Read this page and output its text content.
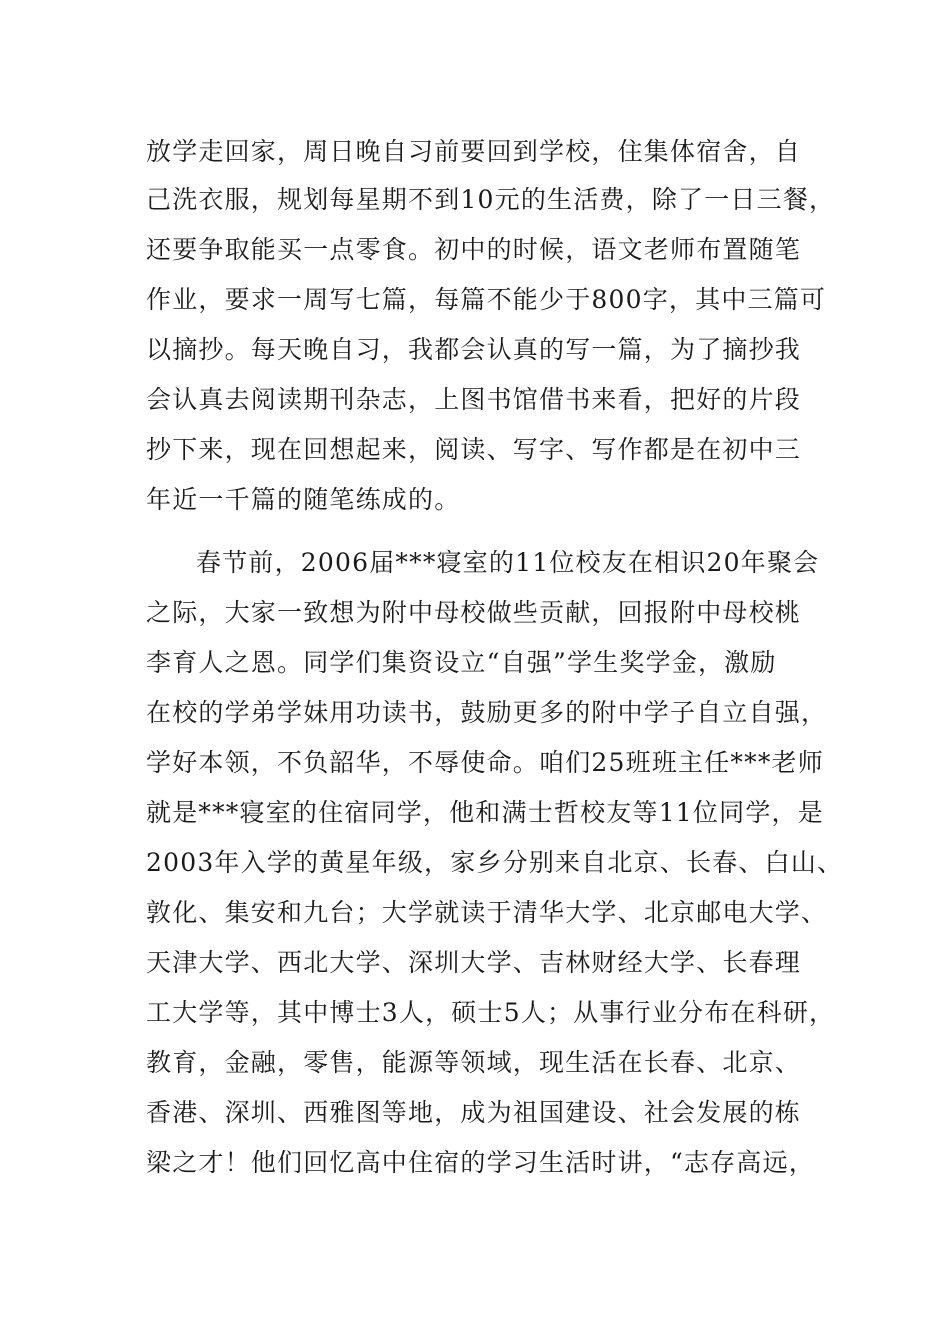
放学走回家，周日晚自习前要回到学校，住集体宿舍，自
己洗衣服，规划每星期不到10元的生活费，除了一日三餐，
还要争取能买一点零食。初中的时候，语文老师布置随笔
作业，要求一周写七篇，每篇不能少于800字，其中三篇可
以摘抄。每天晚自习，我都会认真的写一篇，为了摘抄我
会认真去阅读期刊杂志，上图书馆借书来看，把好的片段
抄下来，现在回想起来，阅读、写字、写作都是在初中三
年近一千篇的随笔练成的。
春节前，2006届***寝室的11位校友在相识20年聚会
之际，大家一致想为附中母校做些贡献，回报附中母校桃
李育人之恩。同学们集资设立“自强”学生奖学金，激励
在校的学弟学妹用功读书，鼓励更多的附中学子自立自强，
学好本领，不负韶华，不辱使命。咱们25班班主任***老师
就是***寝室的住宿同学，他和满士哲校友等11位同学，是
2003年入学的黄星年级，家乡分别来自北京、长春、白山、
敦化、集安和九台；大学就读于清华大学、北京邮电大学、
天津大学、西北大学、深圳大学、吉林财经大学、长春理
工大学等，其中博士3人，硕士5人；从事行业分布在科研，
教育，金融，零售，能源等领域，现生活在长春、北京、
香港、深圳、西雅图等地，成为祖国建设、社会发展的栋
梁之才！他们回忆高中住宿的学习生活时讲，“志存高远，
